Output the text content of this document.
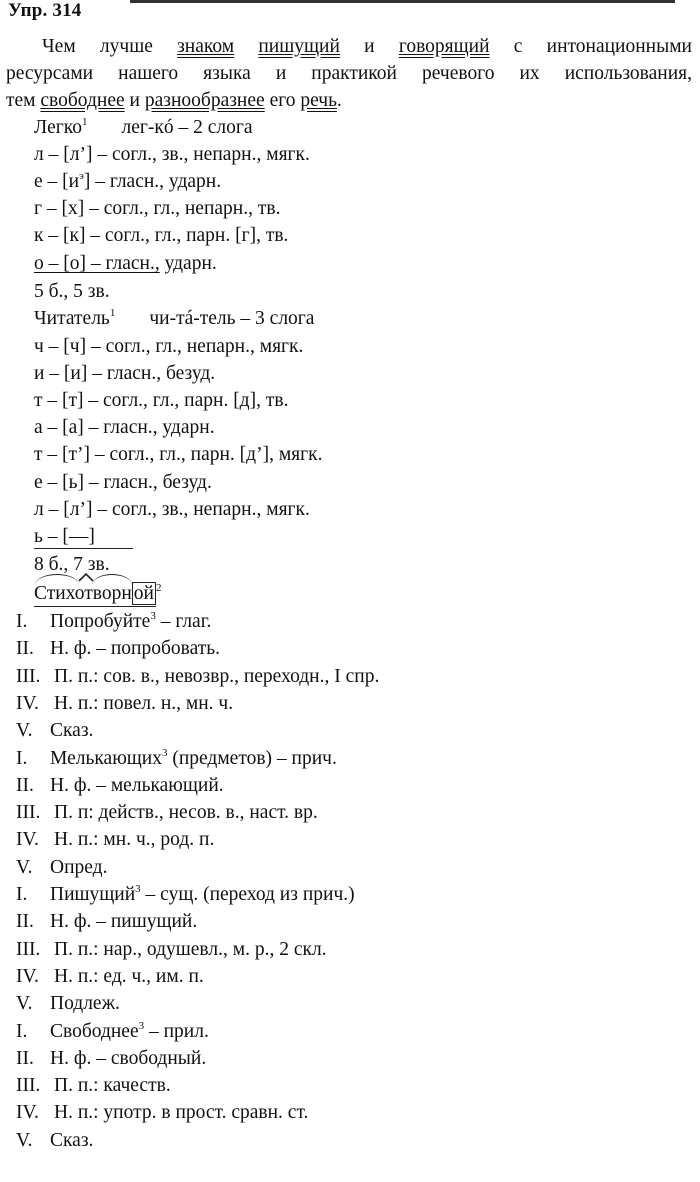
Упр. 314

Чем лучше знаком пишущий и говорящий с интонационными

ресурсами нашего языка и практикой речевого их использования,

тем свободнее и разнообразнее его речь.

Легко$^1$ лег-кó – 2 слога
л – [л’] – согл., зв., непарн., мягк.
е – $[и^э]$ – гласн., ударн.
г – [х] – согл., гл., непарн., тв.
к – [к] – согл., гл., парн. [г], тв.
о – [о] – гласн., ударн.
5 б., 5 зв.
Читатель$^1$ чи-тá-тель – 3 слога
ч – [ч] – согл., гл., непарн., мягк.
и – [и] – гласн., безуд.
т – [т] – согл., гл., парн. [д], тв.
а – [а] – гласн., ударн.
т – [т’] – согл., гл., парн. [д’], мягк.
е – [ь] – гласн., безуд.
л – [л’] – согл., зв., непарн., мягк.
ь – [—]
8 б., 7 зв.
Стихотворн ой $^2$
I. Попробуйте$^3$ – глаг.
II. Н. ф. – попробовать.
III. П. п.: сов. в., невозвр., переходн., I спр.
IV. Н. п.: повел. н., мн. ч.
V. Сказ.
I. Мелькающих$^3$ (предметов) – прич.
II. Н. ф. – мелькающий.
III. П. п: действ., несов. в., наст. вр.
IV. Н. п.: мн. ч., род. п.
V. Опред.
I. Пишущий$^3$ – сущ. (переход из прич.)
II. Н. ф. – пишущий.
III. П. п.: нар., одушевл., м. р., 2 скл.
IV. Н. п.: ед. ч., им. п.
V. Подлеж.
I. Свободнее$^3$ – прил.
II. Н. ф. – свободный.
III. П. п.: качеств.
IV. Н. п.: употр. в прост. сравн. ст.
V. Сказ.
